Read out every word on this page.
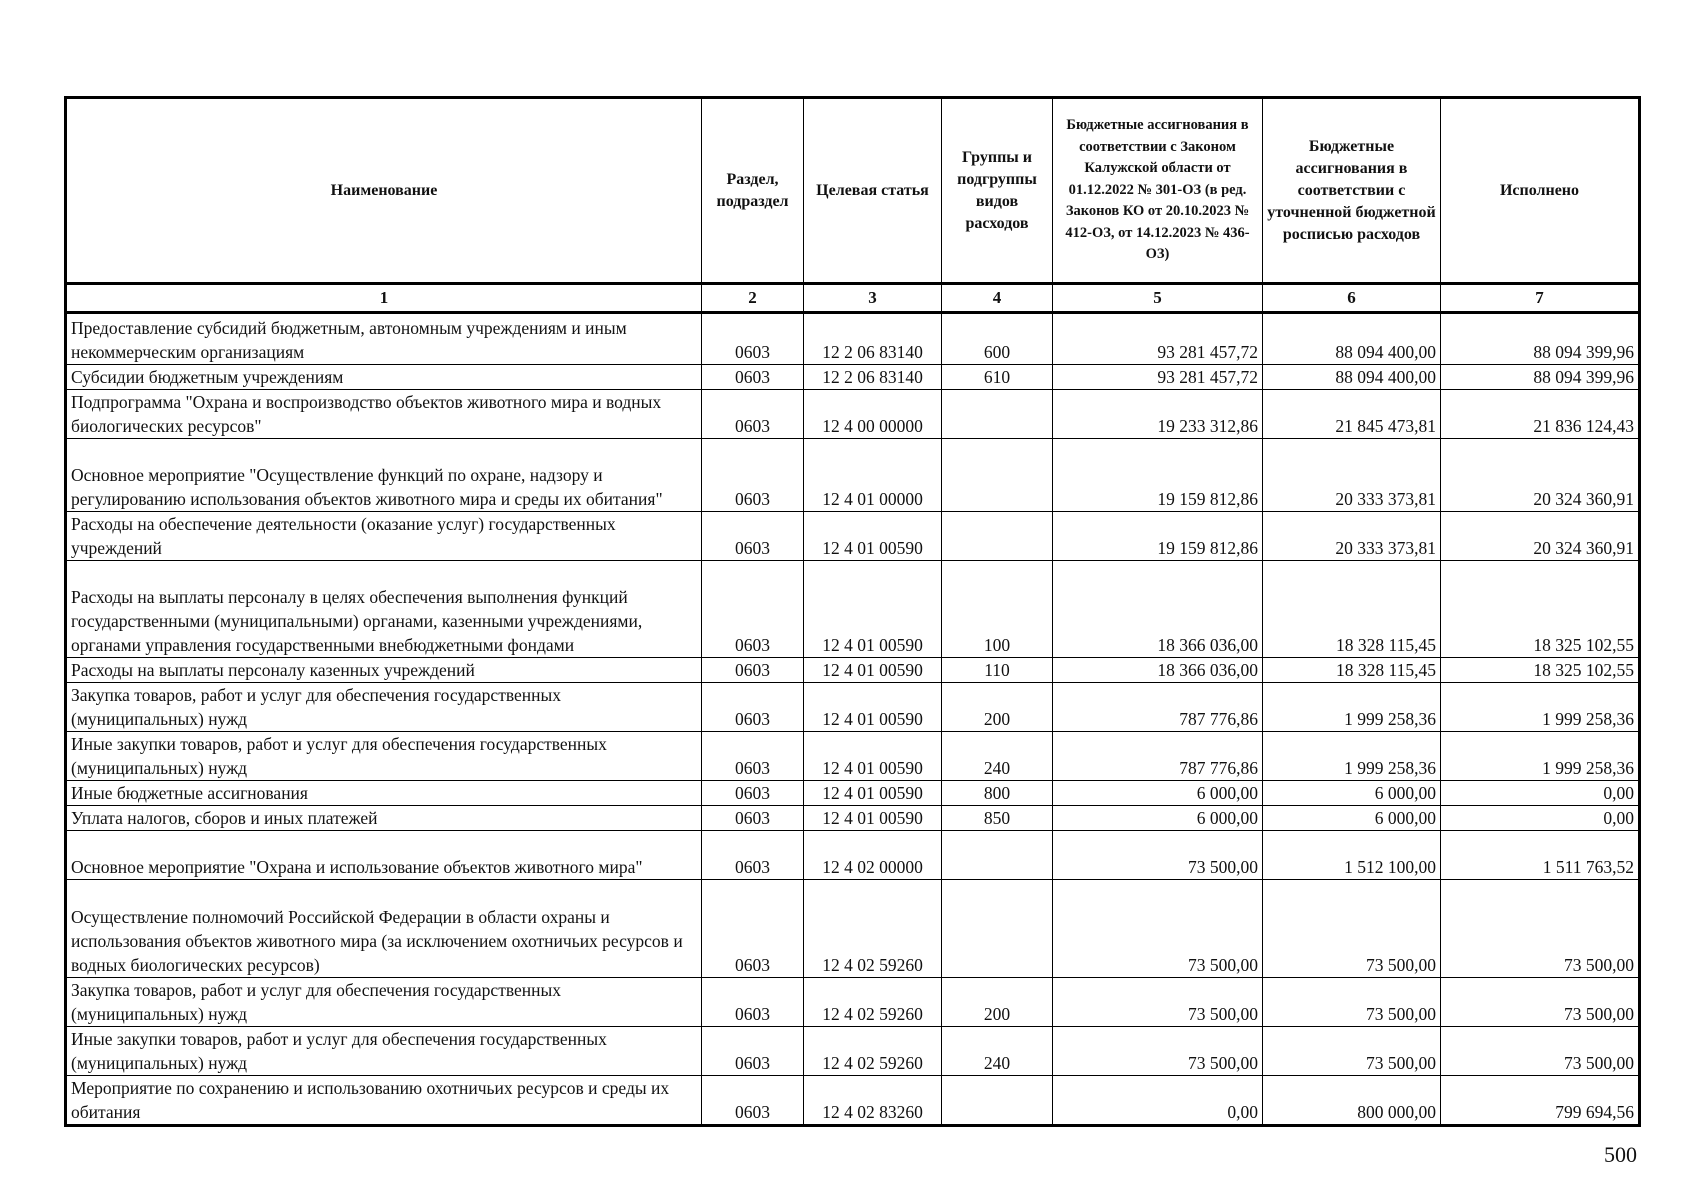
Наименование	Раздел, подраздел	Целевая статья	Группы и подгруппы видов расходов	Бюджетные ассигнования в соответствии с Законом Калужской области от 01.12.2022 № 301-ОЗ (в ред. Законов КО от 20.10.2023 № 412-ОЗ, от 14.12.2023 № 436-ОЗ)	Бюджетные ассигнования в соответствии с уточненной бюджетной росписью расходов	Исполнено
1	2	3	4	5	6	7
Предоставление субсидий бюджетным, автономным учреждениям и иным некоммерческим организациям	0603	12 2 06 83140	600	93 281 457,72	88 094 400,00	88 094 399,96
Субсидии бюджетным учреждениям	0603	12 2 06 83140	610	93 281 457,72	88 094 400,00	88 094 399,96
Подпрограмма "Охрана и воспроизводство объектов животного мира и водных биологических ресурсов"	0603	12 4 00 00000		19 233 312,86	21 845 473,81	21 836 124,43
Основное мероприятие "Осуществление функций по охране, надзору и регулированию использования объектов животного мира и среды их обитания"	0603	12 4 01 00000		19 159 812,86	20 333 373,81	20 324 360,91
Расходы на обеспечение деятельности (оказание услуг) государственных учреждений	0603	12 4 01 00590		19 159 812,86	20 333 373,81	20 324 360,91
Расходы на выплаты персоналу в целях обеспечения выполнения функций государственными (муниципальными) органами, казенными учреждениями, органами управления государственными внебюджетными фондами	0603	12 4 01 00590	100	18 366 036,00	18 328 115,45	18 325 102,55
Расходы на выплаты персоналу казенных учреждений	0603	12 4 01 00590	110	18 366 036,00	18 328 115,45	18 325 102,55
Закупка товаров, работ и услуг для обеспечения государственных (муниципальных) нужд	0603	12 4 01 00590	200	787 776,86	1 999 258,36	1 999 258,36
Иные закупки товаров, работ и услуг для обеспечения государственных (муниципальных) нужд	0603	12 4 01 00590	240	787 776,86	1 999 258,36	1 999 258,36
Иные бюджетные ассигнования	0603	12 4 01 00590	800	6 000,00	6 000,00	0,00
Уплата налогов, сборов и иных платежей	0603	12 4 01 00590	850	6 000,00	6 000,00	0,00
Основное мероприятие "Охрана и использование объектов животного мира"	0603	12 4 02 00000		73 500,00	1 512 100,00	1 511 763,52
Осуществление полномочий Российской Федерации в области охраны и использования объектов животного мира (за исключением охотничьих ресурсов и водных биологических ресурсов)	0603	12 4 02 59260		73 500,00	73 500,00	73 500,00
Закупка товаров, работ и услуг для обеспечения государственных (муниципальных) нужд	0603	12 4 02 59260	200	73 500,00	73 500,00	73 500,00
Иные закупки товаров, работ и услуг для обеспечения государственных (муниципальных) нужд	0603	12 4 02 59260	240	73 500,00	73 500,00	73 500,00
Мероприятие по сохранению и использованию охотничьих ресурсов и среды их обитания	0603	12 4 02 83260		0,00	800 000,00	799 694,56
500
